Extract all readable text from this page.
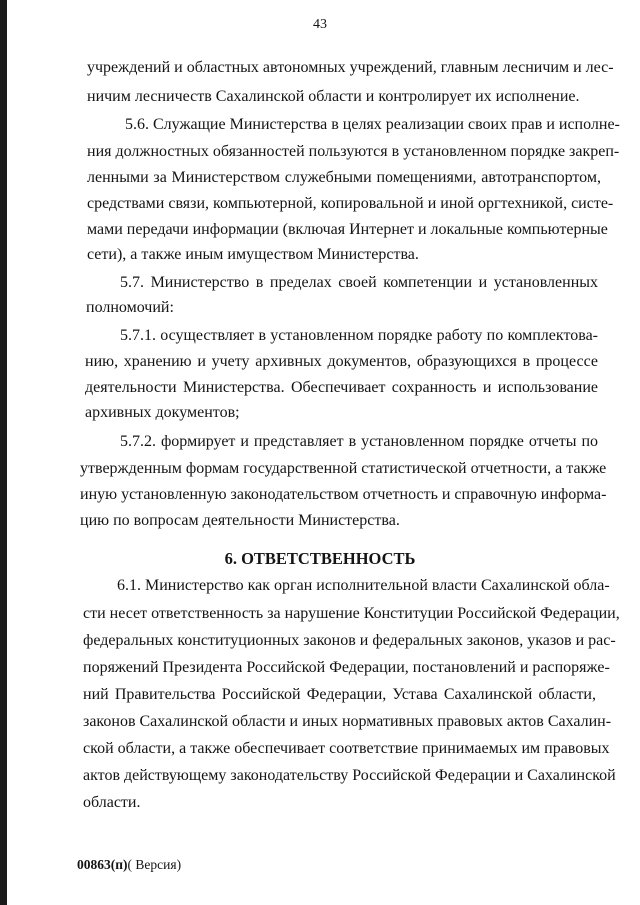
43
учреждений и областных автономных учреждений, главным лесничим и лес-
ничим лесничеств Сахалинской области и контролирует их исполнение.
5.6. Служащие Министерства в целях реализации своих прав и исполне-
ния должностных обязанностей пользуются в установленном порядке закреп-
ленными за Министерством служебными помещениями, автотранспортом,
средствами связи, компьютерной, копировальной и иной оргтехникой, систе-
мами передачи информации (включая Интернет и локальные компьютерные
сети), а также иным имуществом Министерства.
5.7. Министерство в пределах своей компетенции и установленных
полномочий:
5.7.1. осуществляет в установленном порядке работу по комплектова-
нию, хранению и учету архивных документов, образующихся в процессе
деятельности Министерства. Обеспечивает сохранность и использование
архивных документов;
5.7.2. формирует и представляет в установленном порядке отчеты по
утвержденным формам государственной статистической отчетности, а также
иную установленную законодательством отчетность и справочную информа-
цию по вопросам деятельности Министерства.
6. ОТВЕТСТВЕННОСТЬ
6.1. Министерство как орган исполнительной власти Сахалинской обла-
сти несет ответственность за нарушение Конституции Российской Федерации,
федеральных конституционных законов и федеральных законов, указов и рас-
поряжений Президента Российской Федерации, постановлений и распоряже-
ний Правительства Российской Федерации, Устава Сахалинской области,
законов Сахалинской области и иных нормативных правовых актов Сахалин-
ской области, а также обеспечивает соответствие принимаемых им правовых
актов действующему законодательству Российской Федерации и Сахалинской
области.
00863(п)( Версия)
